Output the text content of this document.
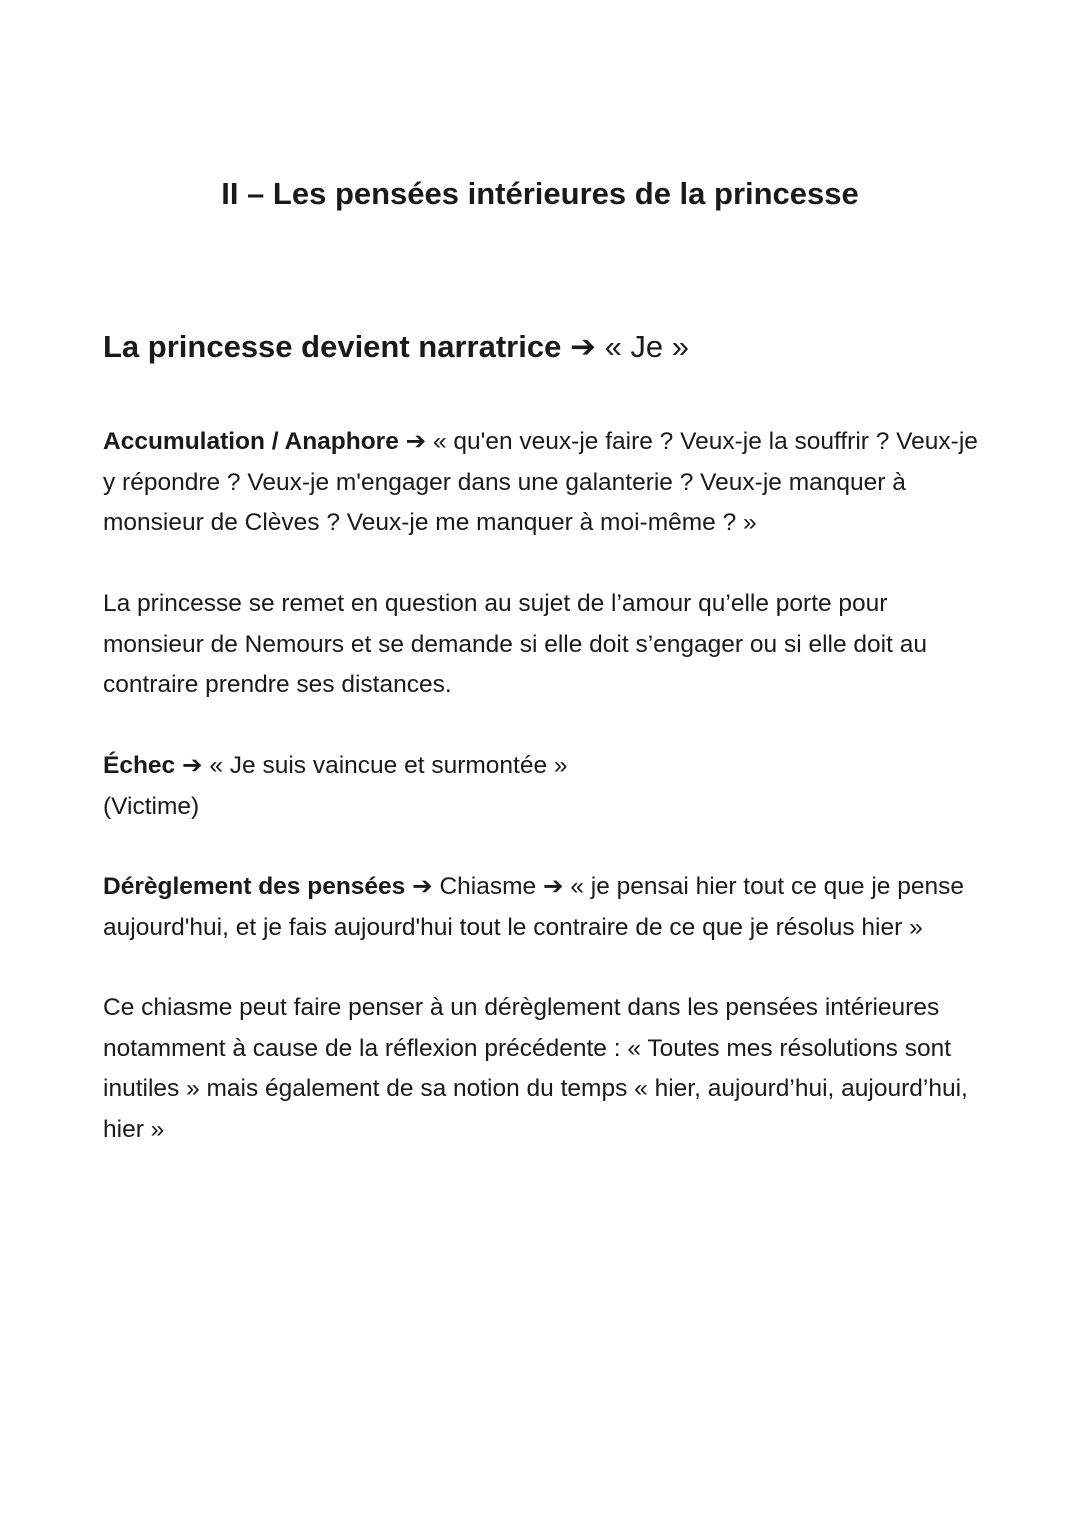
II – Les pensées intérieures de la princesse
La princesse devient narratrice ➔ « Je »

Accumulation / Anaphore ➔ « qu'en veux-je faire ? Veux-je la souffrir ? Veux-je y répondre ? Veux-je m'engager dans une galanterie ? Veux-je manquer à monsieur de Clèves ? Veux-je me manquer à moi-même ? »

La princesse se remet en question au sujet de l’amour qu’elle porte pour monsieur de Nemours et se demande si elle doit s’engager ou si elle doit au contraire prendre ses distances.

Échec ➔ « Je suis vaincue et surmontée »
(Victime)

Dérèglement des pensées ➔ Chiasme ➔ « je pensai hier tout ce que je pense aujourd'hui, et je fais aujourd'hui tout le contraire de ce que je résolus hier »

Ce chiasme peut faire penser à un dérèglement dans les pensées intérieures notamment à cause de la réflexion précédente : « Toutes mes résolutions sont inutiles » mais également de sa notion du temps « hier, aujourd’hui, aujourd’hui, hier »
